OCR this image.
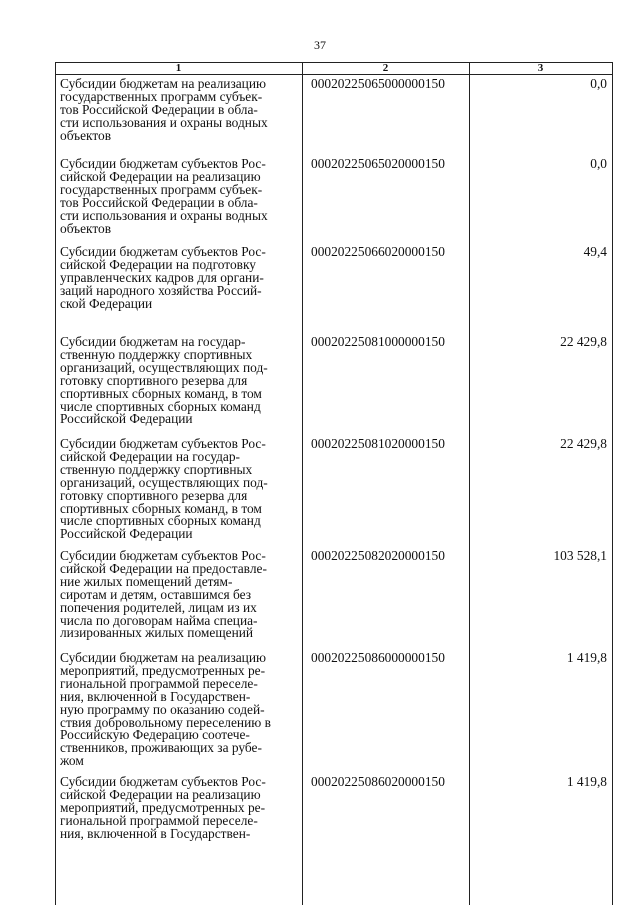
37
1	2	3
Субсидии бюджетам на реализацию
государственных программ субъек-
тов Российской Федерации в обла-
сти использования и охраны водных
объектов
00020225065000000150	0,0
Субсидии бюджетам субъектов Рос-
сийской Федерации на реализацию
государственных программ субъек-
тов Российской Федерации в обла-
сти использования и охраны водных
объектов
00020225065020000150	0,0
Субсидии бюджетам субъектов Рос-
сийской Федерации на подготовку
управленческих кадров для органи-
заций народного хозяйства Россий-
ской Федерации
00020225066020000150	49,4
Субсидии бюджетам на государ-
ственную поддержку спортивных
организаций, осуществляющих под-
готовку спортивного резерва для
спортивных сборных команд, в том
числе спортивных сборных команд
Российской Федерации
00020225081000000150	22 429,8
Субсидии бюджетам субъектов Рос-
сийской Федерации на государ-
ственную поддержку спортивных
организаций, осуществляющих под-
готовку спортивного резерва для
спортивных сборных команд, в том
числе спортивных сборных команд
Российской Федерации
00020225081020000150	22 429,8
Субсидии бюджетам субъектов Рос-
сийской Федерации на предоставле-
ние жилых помещений детям-
сиротам и детям, оставшимся без
попечения родителей, лицам из их
числа по договорам найма специа-
лизированных жилых помещений
00020225082020000150	103 528,1
Субсидии бюджетам на реализацию
мероприятий, предусмотренных ре-
гиональной программой переселе-
ния, включенной в Государствен-
ную программу по оказанию содей-
ствия добровольному переселению в
Российскую Федерацию соотече-
ственников, проживающих за рубе-
жом
00020225086000000150	1 419,8
Субсидии бюджетам субъектов Рос-
сийской Федерации на реализацию
мероприятий, предусмотренных ре-
гиональной программой переселе-
ния, включенной в Государствен-
00020225086020000150	1 419,8
